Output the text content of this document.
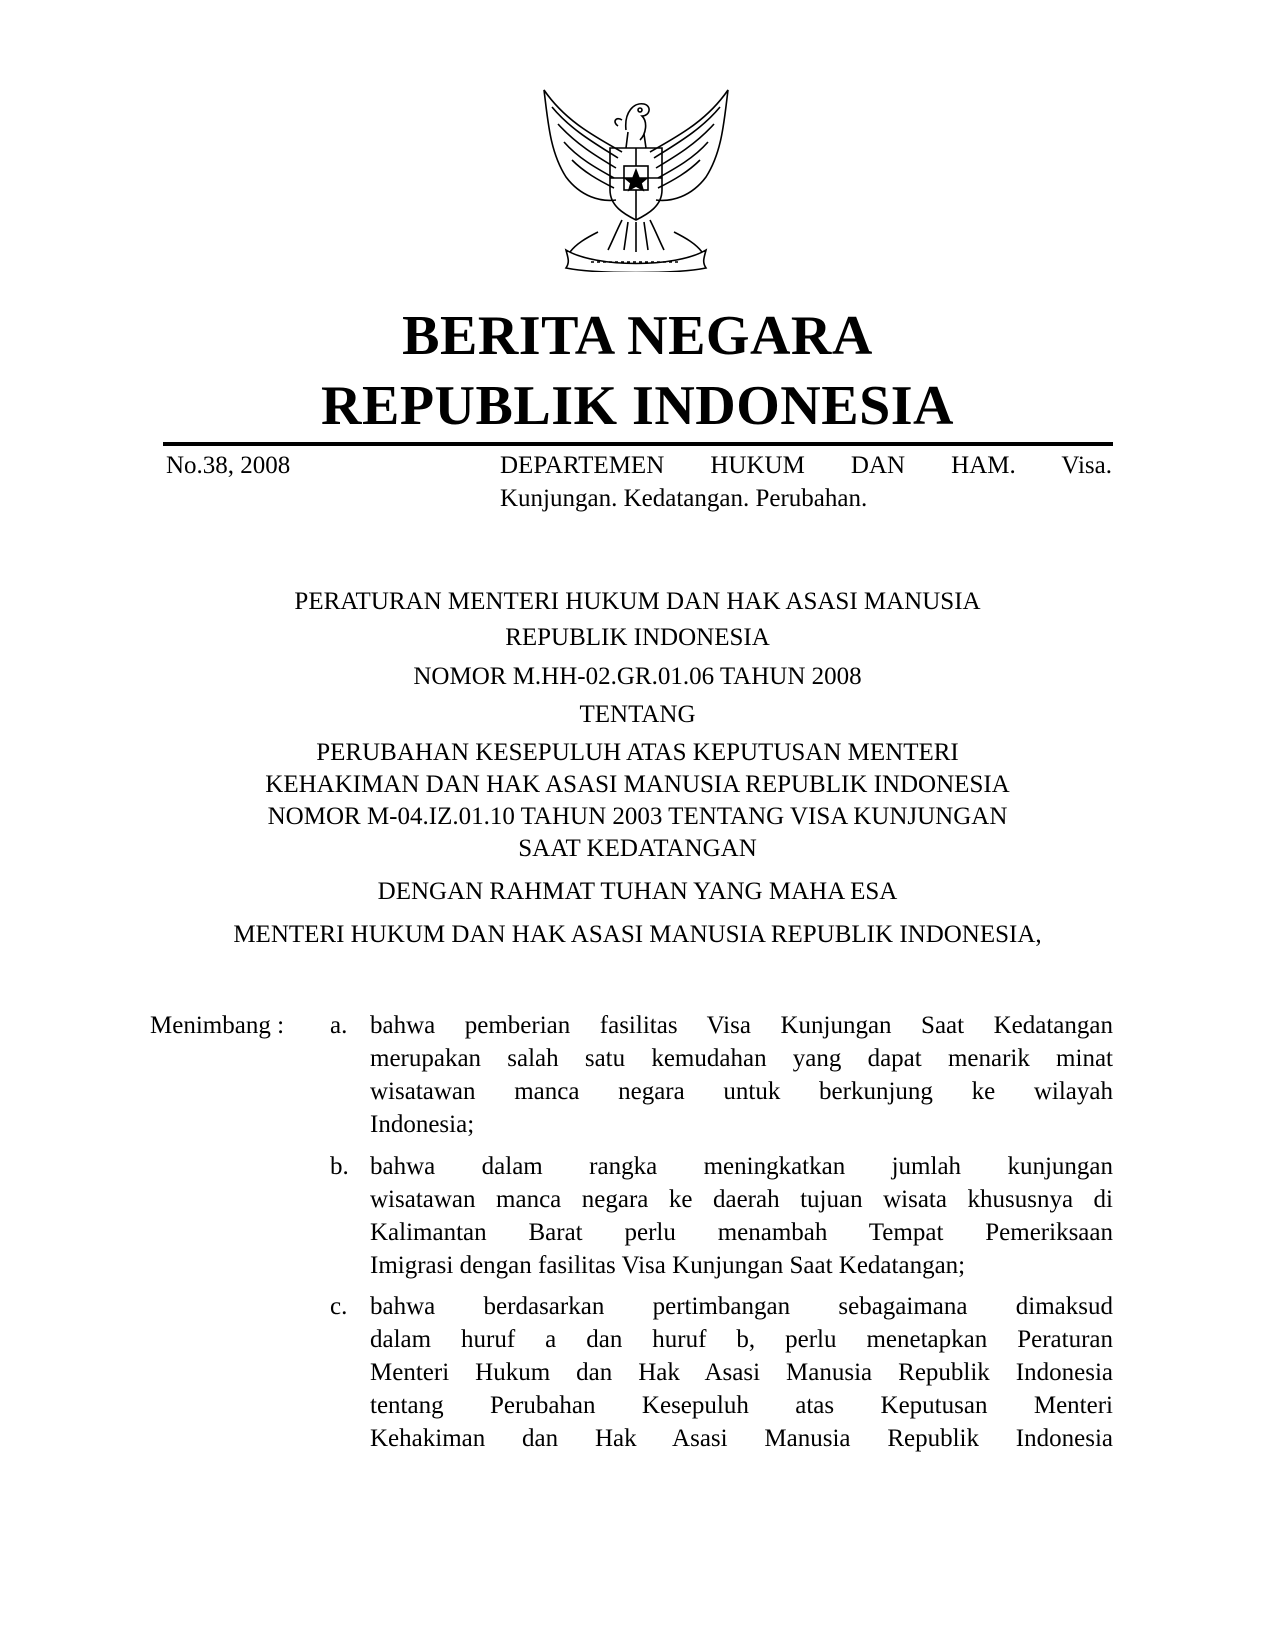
BERITA NEGARA
REPUBLIK INDONESIA
No.38, 2008	DEPARTEMEN HUKUM DAN HAM. Visa.
Kunjungan. Kedatangan. Perubahan.
PERATURAN MENTERI HUKUM DAN HAK ASASI MANUSIA
REPUBLIK INDONESIA
NOMOR M.HH-02.GR.01.06 TAHUN 2008
TENTANG
PERUBAHAN KESEPULUH ATAS KEPUTUSAN MENTERI
KEHAKIMAN DAN HAK ASASI MANUSIA REPUBLIK INDONESIA
NOMOR M-04.IZ.01.10 TAHUN 2003 TENTANG VISA KUNJUNGAN
SAAT KEDATANGAN
DENGAN RAHMAT TUHAN YANG MAHA ESA
MENTERI HUKUM DAN HAK ASASI MANUSIA REPUBLIK INDONESIA,
Menimbang : a. bahwa pemberian fasilitas Visa Kunjungan Saat Kedatangan
merupakan salah satu kemudahan yang dapat menarik minat
wisatawan manca negara untuk berkunjung ke wilayah
Indonesia;
b. bahwa dalam rangka meningkatkan jumlah kunjungan
wisatawan manca negara ke daerah tujuan wisata khususnya di
Kalimantan Barat perlu menambah Tempat Pemeriksaan
Imigrasi dengan fasilitas Visa Kunjungan Saat Kedatangan;
c. bahwa berdasarkan pertimbangan sebagaimana dimaksud
dalam huruf a dan huruf b, perlu menetapkan Peraturan
Menteri Hukum dan Hak Asasi Manusia Republik Indonesia
tentang Perubahan Kesepuluh atas Keputusan Menteri
Kehakiman dan Hak Asasi Manusia Republik Indonesia
